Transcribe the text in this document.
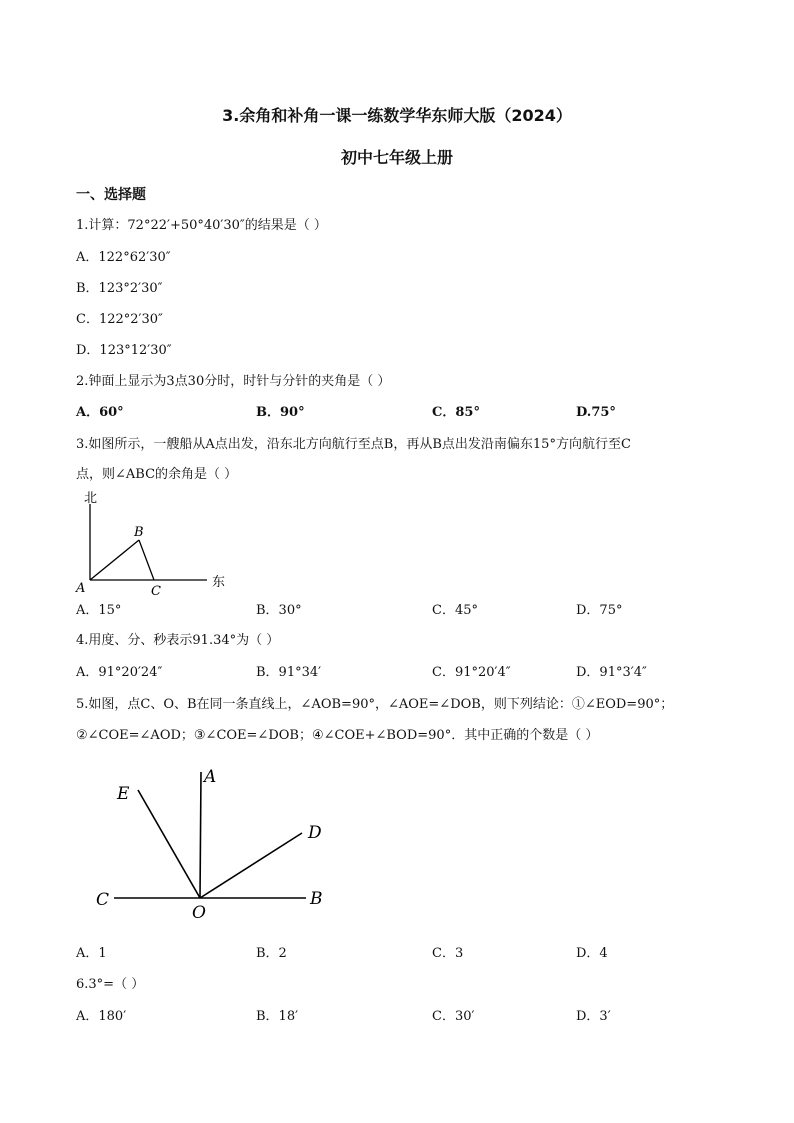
3.余角和补角一课一练数学华东师大版（2024）
初中七年级上册
一、选择题
1.计算：72°22′+50°40′30″的结果是（ ）
A．122°62′30″
B．123°2′30″
C．122°2′30″
D．123°12′30″
2.钟面上显示为3点30分时，时针与分针的夹角是（ ）
A．60°	B．90°	C．85°	D.75°
3.如图所示，一艘船从A点出发，沿东北方向航行至点B，再从B点出发沿南偏东15°方向航行至C
点，则∠ABC的余角是（ ）
北
东
A
B
C
A．15°	B．30°	C．45°	D．75°
4.用度、分、秒表示91.34°为（ ）
A．91°20′24″	B．91°34′	C．91°20′4″	D．91°3′4″
5.如图，点C、O、B在同一条直线上，∠AOB=90°，∠AOE=∠DOB，则下列结论：①∠EOD=90°；
②∠COE=∠AOD；③∠COE=∠DOB；④∠COE+∠BOD=90°．其中正确的个数是（ ）
E
A
D
C
O
B
A．1	B．2	C．3	D．4
6.3°=（ ）
A．180′	B．18′	C．30′	D．3′
